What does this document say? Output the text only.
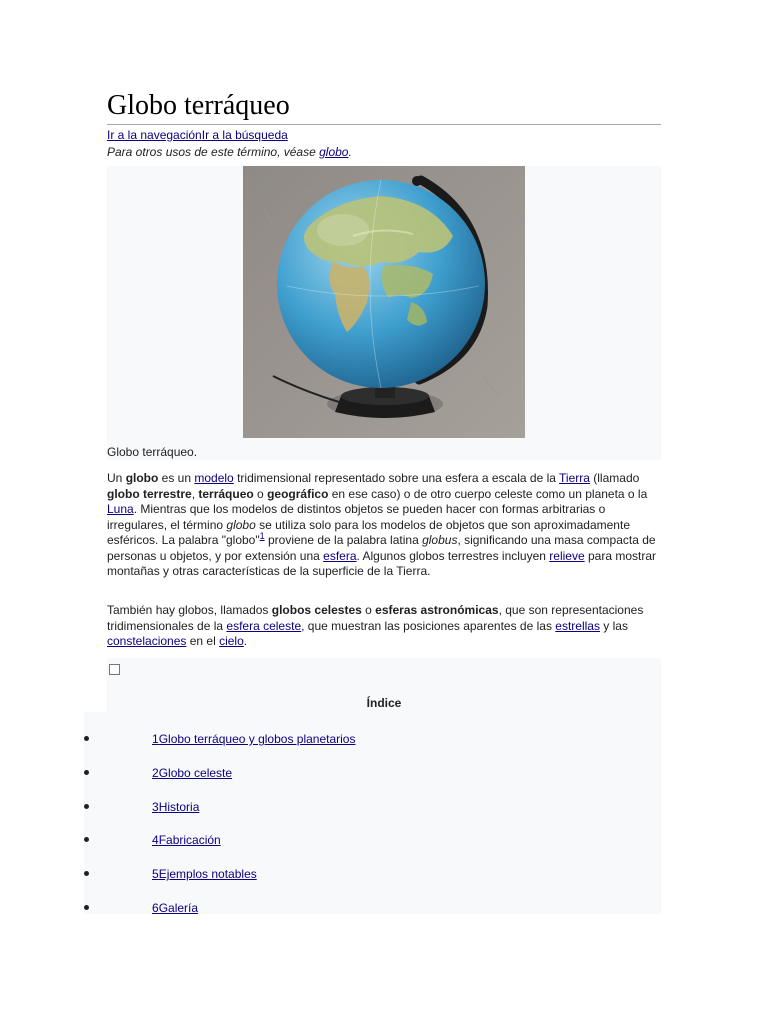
Globo terráqueo
Ir a la navegaciónIr a la búsqueda
Para otros usos de este término, véase globo.
Globo terráqueo.

Un globo es un modelo tridimensional representado sobre una esfera a escala de la Tierra (llamado globo terrestre, terráqueo o geográfico en ese caso) o de otro cuerpo celeste como un planeta o la Luna. Mientras que los modelos de distintos objetos se pueden hacer con formas arbitrarias o irregulares, el término globo se utiliza solo para los modelos de objetos que son aproximadamente esféricos. La palabra "globo"$^1$ proviene de la palabra latina globus, significando una masa compacta de personas u objetos, y por extensión una esfera. Algunos globos terrestres incluyen relieve para mostrar montañas y otras características de la superficie de la Tierra.

También hay globos, llamados globos celestes o esferas astronómicas, que son representaciones tridimensionales de la esfera celeste, que muestran las posiciones aparentes de las estrellas y las constelaciones en el cielo.

Índice
1Globo terráqueo y globos planetarios
2Globo celeste
3Historia
4Fabricación
5Ejemplos notables
6Galería
